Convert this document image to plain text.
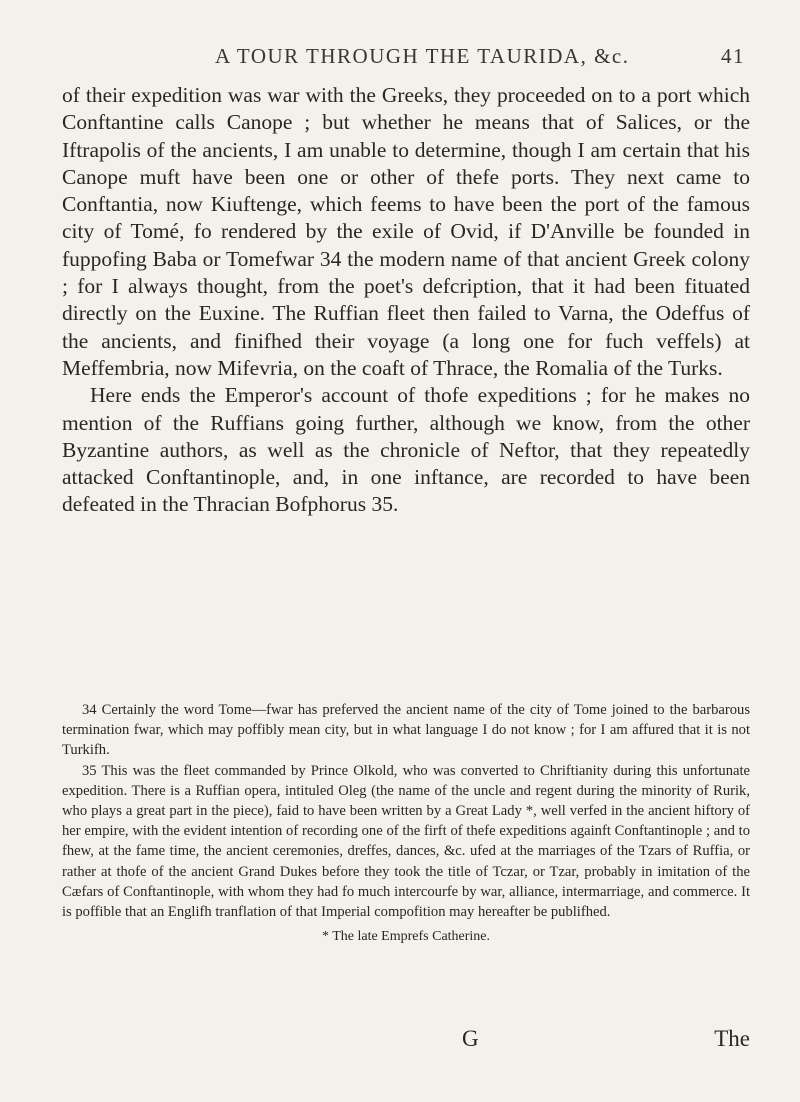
A TOUR THROUGH THE TAURIDA, &c.	41

of their expedition was war with the Greeks, they proceeded on to a port which Conftantine calls Canope ; but whether he means that of Salices, or the Iftrapolis of the ancients, I am unable to determine, though I am certain that his Canope muft have been one or other of thefe ports. They next came to Conftantia, now Kiuftenge, which feems to have been the port of the famous city of Tomé, fo rendered by the exile of Ovid, if D'Anville be founded in fuppofing Baba or Tomefwar 34 the modern name of that ancient Greek colony ; for I always thought, from the poet's defcription, that it had been fituated directly on the Euxine. The Ruffian fleet then failed to Varna, the Odeffus of the ancients, and finifhed their voyage (a long one for fuch veffels) at Meffembria, now Mifevria, on the coaft of Thrace, the Romalia of the Turks.

Here ends the Emperor's account of thofe expeditions ; for he makes no mention of the Ruffians going further, although we know, from the other Byzantine authors, as well as the chronicle of Neftor, that they repeatedly attacked Conftantinople, and, in one inftance, are recorded to have been defeated in the Thracian Bofphorus 35.

34 Certainly the word Tome—fwar has preferved the ancient name of the city of Tome joined to the barbarous termination fwar, which may poffibly mean city, but in what language I do not know ; for I am affured that it is not Turkifh.

35 This was the fleet commanded by Prince Olkold, who was converted to Chriftianity during this unfortunate expedition. There is a Ruffian opera, intituled Oleg (the name of the uncle and regent during the minority of Rurik, who plays a great part in the piece), faid to have been written by a Great Lady *, well verfed in the ancient hiftory of her empire, with the evident intention of recording one of the firft of thefe expeditions againft Conftantinople ; and to fhew, at the fame time, the ancient ceremonies, dreffes, dances, &c. ufed at the marriages of the Tzars of Ruffia, or rather at thofe of the ancient Grand Dukes before they took the title of Tczar, or Tzar, probably in imitation of the Cæfars of Conftantinople, with whom they had fo much intercourfe by war, alliance, intermarriage, and commerce. It is poffible that an Englifh tranflation of that Imperial compofition may hereafter be publifhed.

* The late Emprefs Catherine.

G	The
